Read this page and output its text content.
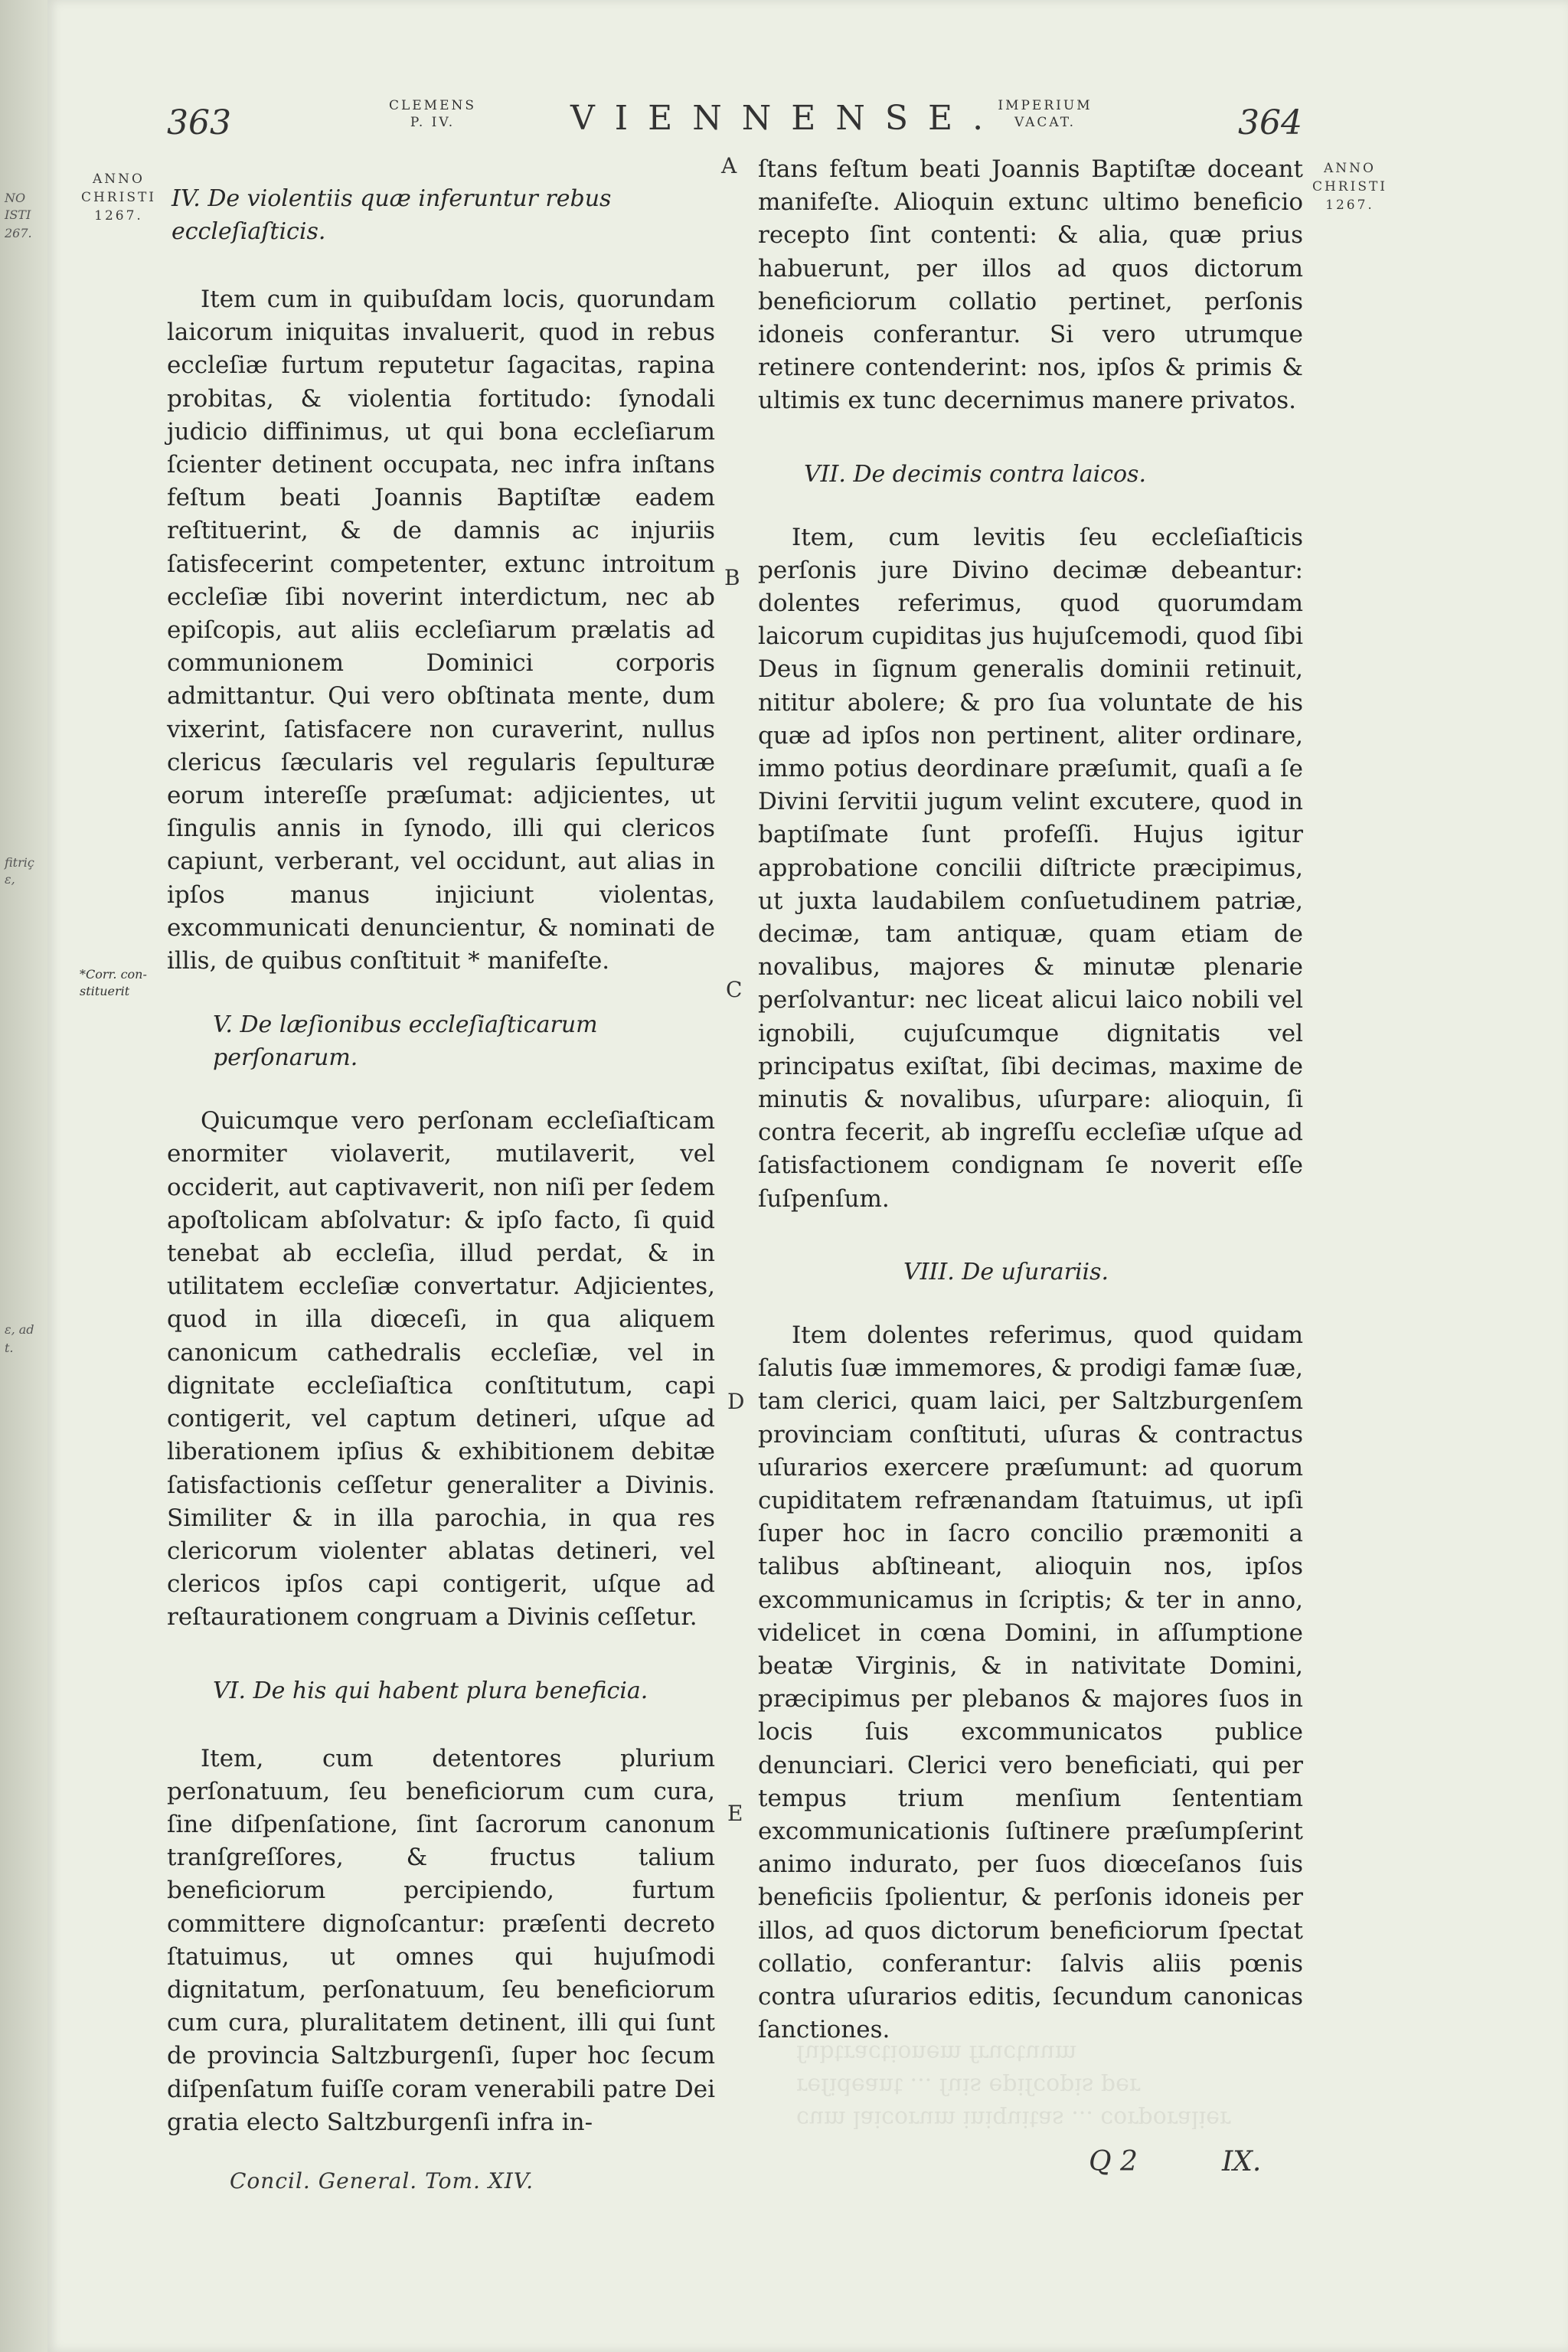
NO
ISTI
267.
fitriç
ɛ,
ɛ, ad
t.
363	CLEMENS
P. IV.	VIENNENSE.
IMPERIUM
VACAT.	364
ANNO
CHRISTI
1267.
ANNO
CHRISTI
1267.
*Corr. con-
stituerit
A
B
C
D
E
IV. De violentiis quæ inferuntur rebus eccleſiaſticis.

Item cum in quibuſdam locis, quorundam laicorum iniquitas invaluerit, quod in rebus eccleſiæ furtum reputetur ſagacitas, rapina probitas, & violentia fortitudo: ſynodali judicio diffinimus, ut qui bona eccleſiarum ſcienter detinent occupata, nec infra inſtans feſtum beati Joannis Baptiſtæ eadem reſtituerint, & de damnis ac injuriis ſatisfecerint competenter, extunc introitum eccleſiæ ſibi noverint interdictum, nec ab epiſcopis, aut aliis eccleſiarum prælatis ad communionem Dominici corporis admittantur. Qui vero obſtinata mente, dum vixerint, ſatisfacere non curaverint, nullus clericus ſæcularis vel regularis ſepulturæ eorum intereſſe præſumat: adjicientes, ut ſingulis annis in ſynodo, illi qui clericos capiunt, verberant, vel occidunt, aut alias in ipſos manus injiciunt violentas, excommunicati denuncientur, & nominati de illis, de quibus conſtituit * manifeſte.

V. De læſionibus eccleſiaſticarum perſonarum.

Quicumque vero perſonam eccleſiaſticam enormiter violaverit, mutilaverit, vel occiderit, aut captivaverit, non niſi per ſedem apoſtolicam abſolvatur: & ipſo facto, ſi quid tenebat ab eccleſia, illud perdat, & in utilitatem eccleſiæ convertatur. Adjicientes, quod in illa diœceſi, in qua aliquem canonicum cathedralis eccleſiæ, vel in dignitate eccleſiaſtica conſtitutum, capi contigerit, vel captum detineri, uſque ad liberationem ipſius & exhibitionem debitæ ſatisfactionis ceſſetur generaliter a Divinis. Similiter & in illa parochia, in qua res clericorum violenter ablatas detineri, vel clericos ipſos capi contigerit, uſque ad reſtaurationem congruam a Divinis ceſſetur.

VI. De his qui habent plura beneficia.

Item, cum detentores plurium perſonatuum, ſeu beneficiorum cum cura, ſine diſpenſatione, ſint ſacrorum canonum tranſgreſſores, & fructus talium beneficiorum percipiendo, furtum committere dignoſcantur: præſenti decreto ſtatuimus, ut omnes qui hujuſmodi dignitatum, perſonatuum, ſeu beneficiorum cum cura, pluralitatem detinent, illi qui ſunt de provincia Saltzburgenſi, ſuper hoc ſecum diſpenſatum fuiſſe coram venerabili patre Dei gratia electo Saltzburgenſi infra in-

ſtans feſtum beati Joannis Baptiſtæ doceant manifeſte. Alioquin extunc ultimo beneficio recepto ſint contenti: & alia, quæ prius habuerunt, per illos ad quos dictorum beneficiorum collatio pertinet, perſonis idoneis conferantur. Si vero utrumque retinere contenderint: nos, ipſos & primis & ultimis ex tunc decernimus manere privatos.

VII. De decimis contra laicos.

Item, cum levitis ſeu eccleſiaſticis perſonis jure Divino decimæ debeantur: dolentes referimus, quod quorumdam laicorum cupiditas jus hujuſcemodi, quod ſibi Deus in ſignum generalis dominii retinuit, nititur abolere; & pro ſua voluntate de his quæ ad ipſos non pertinent, aliter ordinare, immo potius deordinare præſumit, quaſi a ſe Divini ſervitii jugum velint excutere, quod in baptiſmate ſunt profeſſi. Hujus igitur approbatione concilii diſtricte præcipimus, ut juxta laudabilem conſuetudinem patriæ, decimæ, tam antiquæ, quam etiam de novalibus, majores & minutæ plenarie perſolvantur: nec liceat alicui laico nobili vel ignobili, cujuſcumque dignitatis vel principatus exiſtat, ſibi decimas, maxime de minutis & novalibus, uſurpare: alioquin, ſi contra fecerit, ab ingreſſu eccleſiæ uſque ad ſatisfactionem condignam ſe noverit eſſe ſuſpenſum.

VIII. De uſurariis.

Item dolentes referimus, quod quidam ſalutis ſuæ immemores, & prodigi famæ ſuæ, tam clerici, quam laici, per Saltzburgenſem provinciam conſtituti, uſuras & contractus uſurarios exercere præſumunt: ad quorum cupiditatem refrænandam ſtatuimus, ut ipſi ſuper hoc in ſacro concilio præmoniti a talibus abſtineant, alioquin nos, ipſos excommunicamus in ſcriptis; & ter in anno, videlicet in cœna Domini, in aſſumptione beatæ Virginis, & in nativitate Domini, præcipimus per plebanos & majores ſuos in locis ſuis excommunicatos publice denunciari. Clerici vero beneficiati, qui per tempus trium menſium ſententiam excommunicationis ſuſtinere præſumpſerint animo indurato, per ſuos diœceſanos ſuis beneficiis ſpolientur, & perſonis idoneis per illos, ad quos dictorum beneficiorum ſpectat collatio, conferantur: ſalvis aliis pœnis contra uſurarios editis, ſecundum canonicas ſanctiones.

cum laicorum iniquitas ... corporalier reſideant ... ſuis epiſcopis per ſubtractionem fructuum
Concil. General. Tom. XIV.
Q 2	IX.
